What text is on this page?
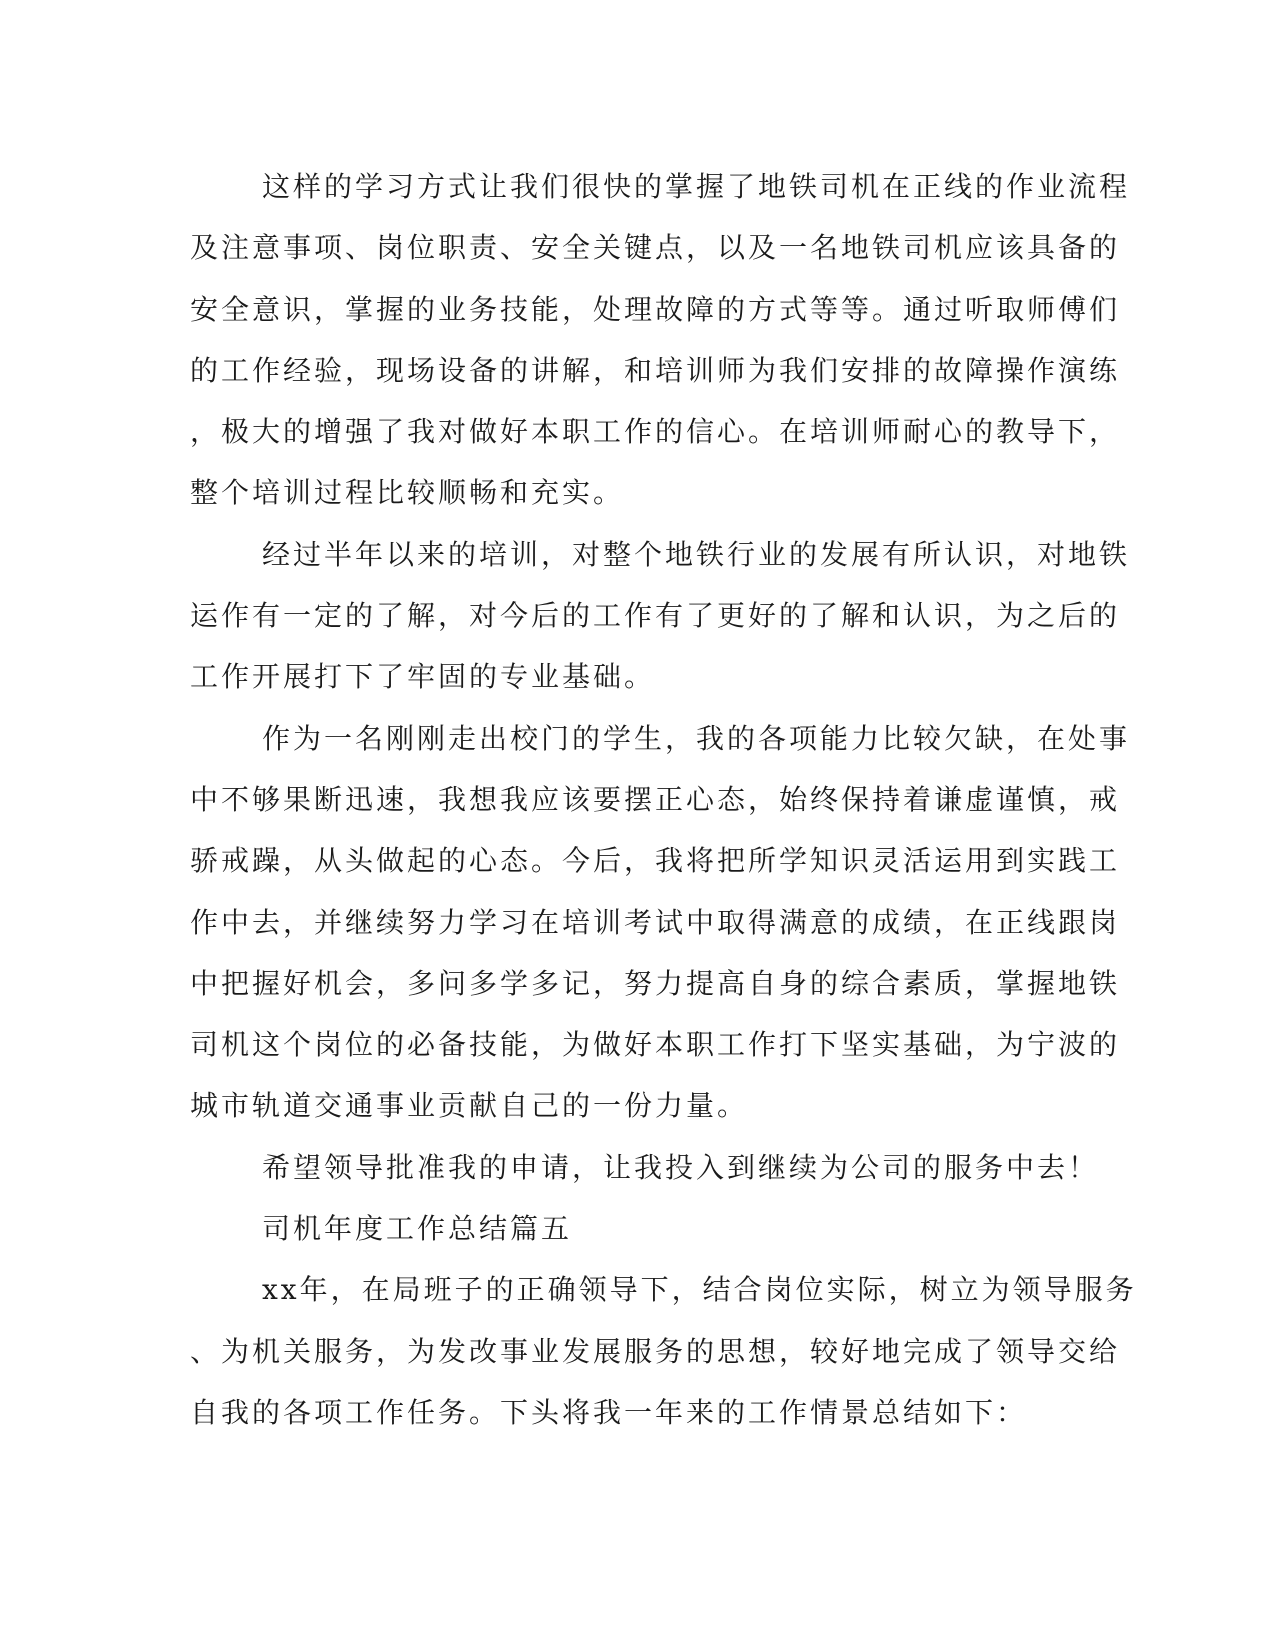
这样的学习方式让我们很快的掌握了地铁司机在正线的作业流程
及注意事项、岗位职责、安全关键点，以及一名地铁司机应该具备的
安全意识，掌握的业务技能，处理故障的方式等等。通过听取师傅们
的工作经验，现场设备的讲解，和培训师为我们安排的故障操作演练
，极大的增强了我对做好本职工作的信心。在培训师耐心的教导下，
整个培训过程比较顺畅和充实。
经过半年以来的培训，对整个地铁行业的发展有所认识，对地铁
运作有一定的了解，对今后的工作有了更好的了解和认识，为之后的
工作开展打下了牢固的专业基础。
作为一名刚刚走出校门的学生，我的各项能力比较欠缺，在处事
中不够果断迅速，我想我应该要摆正心态，始终保持着谦虚谨慎，戒
骄戒躁，从头做起的心态。今后，我将把所学知识灵活运用到实践工
作中去，并继续努力学习在培训考试中取得满意的成绩，在正线跟岗
中把握好机会，多问多学多记，努力提高自身的综合素质，掌握地铁
司机这个岗位的必备技能，为做好本职工作打下坚实基础，为宁波的
城市轨道交通事业贡献自己的一份力量。
希望领导批准我的申请，让我投入到继续为公司的服务中去！
司机年度工作总结篇五
xx年，在局班子的正确领导下，结合岗位实际，树立为领导服务
、为机关服务，为发改事业发展服务的思想，较好地完成了领导交给
自我的各项工作任务。下头将我一年来的工作情景总结如下：
